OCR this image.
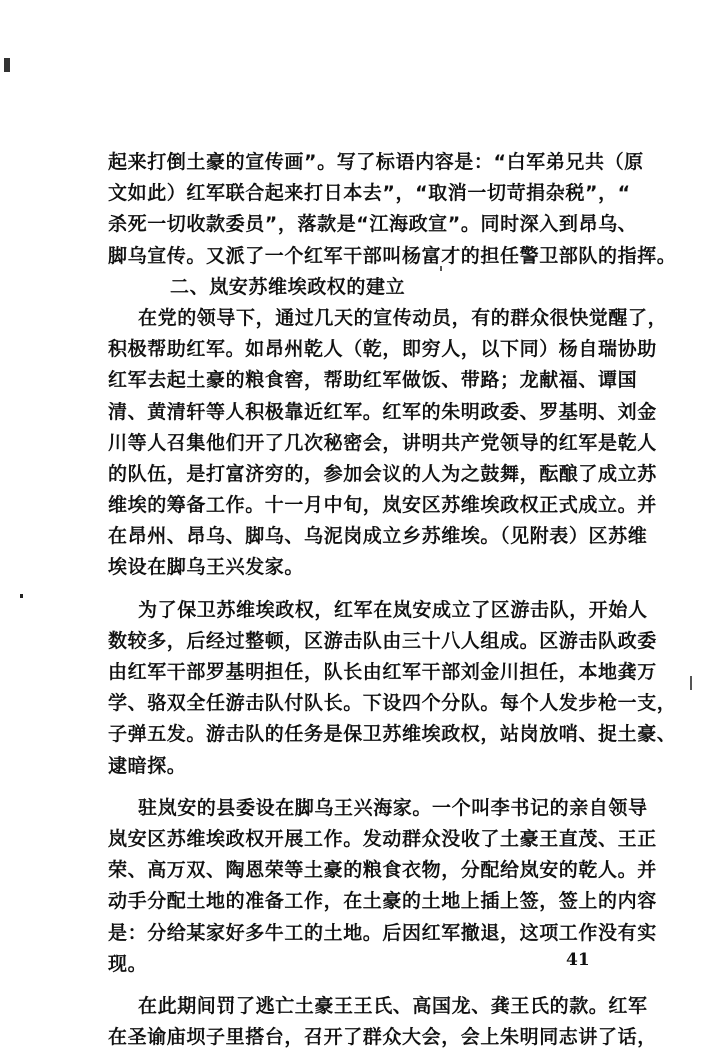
起来打倒土豪的宣传画”。写了标语内容是：“白军弟兄共（原
文如此）红军联合起来打日本去”，“取消一切苛捐杂税”，“
杀死一切收款委员”，落款是“江海政宣”。同时深入到昂乌、
脚乌宣传。又派了一个红军干部叫杨富才的担任警卫部队的指挥。
二、岚安苏维埃政权的建立
在党的领导下，通过几天的宣传动员，有的群众很快觉醒了，
积极帮助红军。如昂州乾人（乾，即穷人，以下同）杨自瑞协助
红军去起土豪的粮食窖，帮助红军做饭、带路；龙献福、谭国
清、黄清轩等人积极靠近红军。红军的朱明政委、罗基明、刘金
川等人召集他们开了几次秘密会，讲明共产党领导的红军是乾人
的队伍，是打富济穷的，参加会议的人为之鼓舞，酝酿了成立苏
维埃的筹备工作。十一月中旬，岚安区苏维埃政权正式成立。并
在昂州、昂乌、脚乌、乌泥岗成立乡苏维埃。（见附表）区苏维
埃设在脚乌王兴发家。
为了保卫苏维埃政权，红军在岚安成立了区游击队，开始人
数较多，后经过整顿，区游击队由三十八人组成。区游击队政委
由红军干部罗基明担任，队长由红军干部刘金川担任，本地龚万
学、骆双全任游击队付队长。下设四个分队。每个人发步枪一支，
子弹五发。游击队的任务是保卫苏维埃政权，站岗放哨、捉土豪、
逮暗探。
驻岚安的县委设在脚乌王兴海家。一个叫李书记的亲自领导
岚安区苏维埃政权开展工作。发动群众没收了土豪王直茂、王正
荣、高万双、陶恩荣等土豪的粮食衣物，分配给岚安的乾人。并
动手分配土地的准备工作，在土豪的土地上插上签，签上的内容
是：分给某家好多牛工的土地。后因红军撤退，这项工作没有实
现。
在此期间罚了逃亡土豪王王氏、高国龙、龚王氏的款。红军
在圣谕庙坝子里搭台，召开了群众大会，会上朱明同志讲了话，
41
